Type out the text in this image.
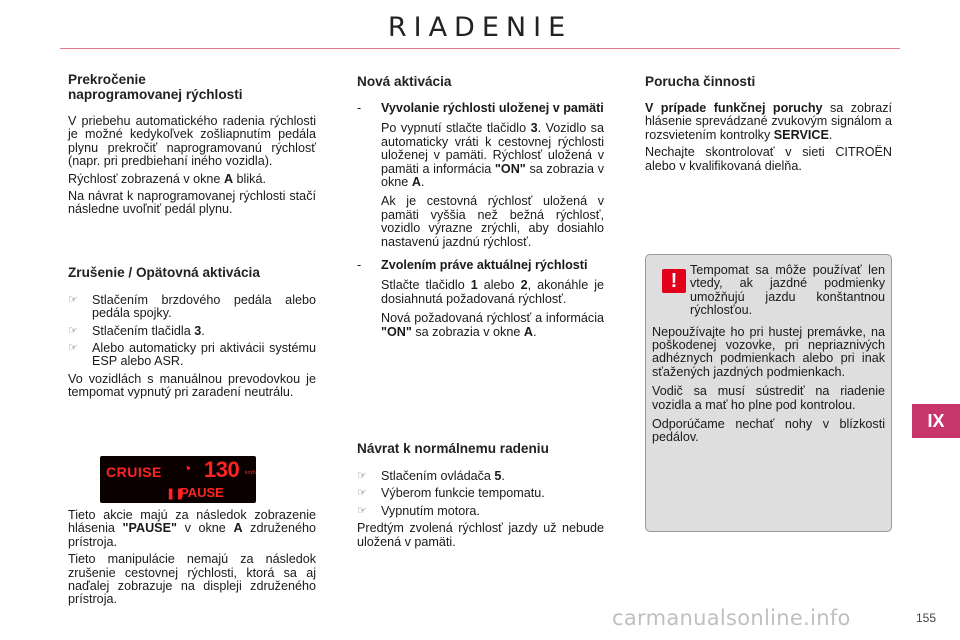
RIADENIE
Prekročenie
naprogramovanej rýchlosti

V priebehu automatického radenia rýchlosti je možné kedykoľvek zošliapnutím pedála plynu prekročiť naprogramovanú rýchlosť (napr. pri predbiehaní iného vozidla).

Rýchlosť zobrazená v okne A bliká.

Na návrat k naprogramovanej rýchlosti stačí následne uvoľniť pedál plynu.

Zrušenie / Opätovná aktivácia
☞ Stlačením brzdového pedála alebo pedála spojky.
☞ Stlačením tlačidla 3.
☞ Alebo automaticky pri aktivácii systému ESP alebo ASR.

Vo vozidlách s manuálnou prevodovkou je tempomat vypnutý pri zaradení neutrálu.

CRUISE ◔ 130 km/h
❚❚
PAUSE

Tieto akcie majú za následok zobrazenie hlásenia "PAUSE" v okne A združeného prístroja.

Tieto manipulácie nemajú za následok zrušenie cestovnej rýchlosti, ktorá sa aj naďalej zobrazuje na displeji združeného prístroja.

Nová aktivácia
- Vyvolanie rýchlosti uloženej v pamäti
Po vypnutí stlačte tlačidlo 3. Vozidlo sa automaticky vráti k cestovnej rýchlosti uloženej v pamäti. Rýchlosť uložená v pamäti a informácia "ON" sa zobrazia v okne A.
Ak je cestovná rýchlosť uložená v pamäti vyššia než bežná rýchlosť, vozidlo výrazne zrýchli, aby dosiahlo nastavenú jazdnú rýchlosť.
- Zvolením práve aktuálnej rýchlosti
Stlačte tlačidlo 1 alebo 2, akonáhle je dosiahnutá požadovaná rýchlosť.
Nová požadovaná rýchlosť a informácia "ON" sa zobrazia v okne A.
Návrat k normálnemu radeniu
☞ Stlačením ovládača 5.
☞ Výberom funkcie tempomatu.
☞ Vypnutím motora.

Predtým zvolená rýchlosť jazdy už nebude uložená v pamäti.

Porucha činnosti

V prípade funkčnej poruchy sa zobrazí hlásenie sprevádzané zvukovým signálom a rozsvietením kontrolky SERVICE.

Nechajte skontrolovať v sieti CITROËN alebo v kvalifikovaná dielňa.

!	Tempomat sa môže používať len vtedy, ak jazdné podmienky umožňujú jazdu konštantnou rýchlosťou.

Nepoužívajte ho pri hustej premávke, na poškodenej vozovke, pri nepriaznivých adhéznych podmienkach alebo pri inak sťažených jazdných podmienkach.

Vodič sa musí sústrediť na riadenie vozidla a mať ho plne pod kontrolou.

Odporúčame nechať nohy v blízkosti pedálov.

IX
carmanualsonline.info	155
